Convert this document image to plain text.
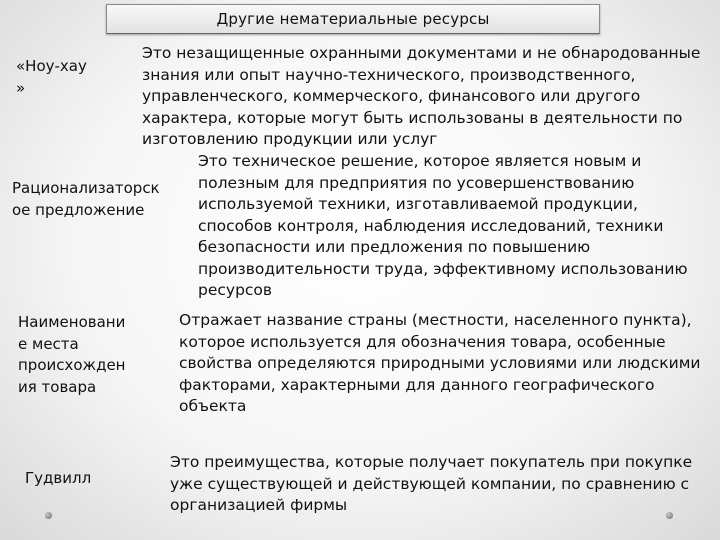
Другие нематериальные ресурсы
«Ноу-хау
»
Это незащищенные охранными документами и не обнародованные знания или опыт научно-технического, производственного, управленческого, коммерческого, финансового или другого характера, которые могут быть использованы в деятельности по изготовлению продукции или услуг
Рационализаторск
ое предложение
Это техническое решение, которое является новым и полезным для предприятия по усовершенствованию используемой техники, изготавливаемой продукции, способов контроля, наблюдения исследований, техники безопасности или предложения по повышению производительности труда, эффективному использованию ресурсов
Наименовани
е места
происхожден
ия товара
Отражает название страны (местности, населенного пункта), которое используется для обозначения товара, особенные свойства определяются природными условиями или людскими факторами, характерными для данного географического объекта
Гудвилл
Это преимущества, которые получает покупатель при покупке уже существующей и действующей компании, по сравнению с организацией фирмы
